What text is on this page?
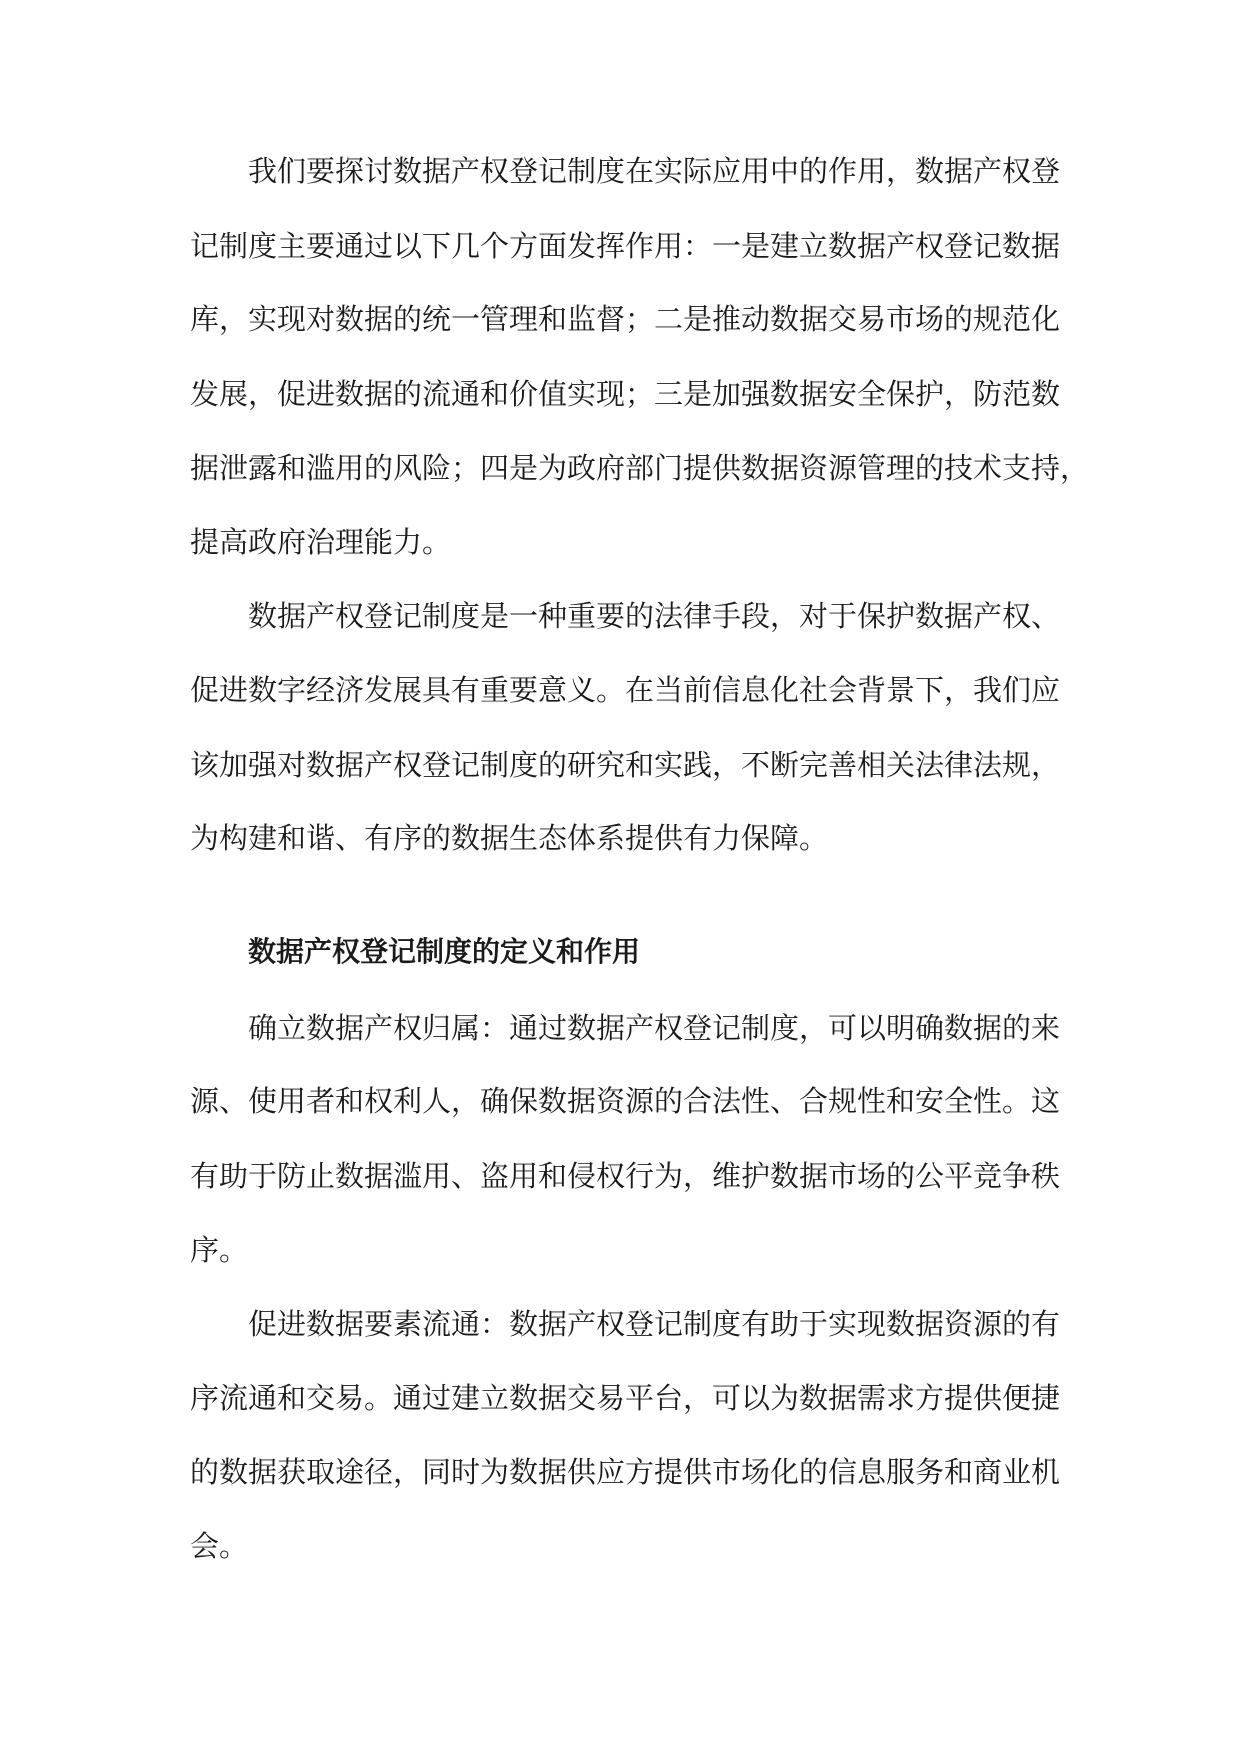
我们要探讨数据产权登记制度在实际应用中的作用，数据产权登
记制度主要通过以下几个方面发挥作用：一是建立数据产权登记数据
库，实现对数据的统一管理和监督；二是推动数据交易市场的规范化
发展，促进数据的流通和价值实现；三是加强数据安全保护，防范数
据泄露和滥用的风险；四是为政府部门提供数据资源管理的技术支持，
提高政府治理能力。
数据产权登记制度是一种重要的法律手段，对于保护数据产权、
促进数字经济发展具有重要意义。在当前信息化社会背景下，我们应
该加强对数据产权登记制度的研究和实践，不断完善相关法律法规，
为构建和谐、有序的数据生态体系提供有力保障。
数据产权登记制度的定义和作用
确立数据产权归属：通过数据产权登记制度，可以明确数据的来
源、使用者和权利人，确保数据资源的合法性、合规性和安全性。这
有助于防止数据滥用、盗用和侵权行为，维护数据市场的公平竞争秩
序。
促进数据要素流通：数据产权登记制度有助于实现数据资源的有
序流通和交易。通过建立数据交易平台，可以为数据需求方提供便捷
的数据获取途径，同时为数据供应方提供市场化的信息服务和商业机
会。
